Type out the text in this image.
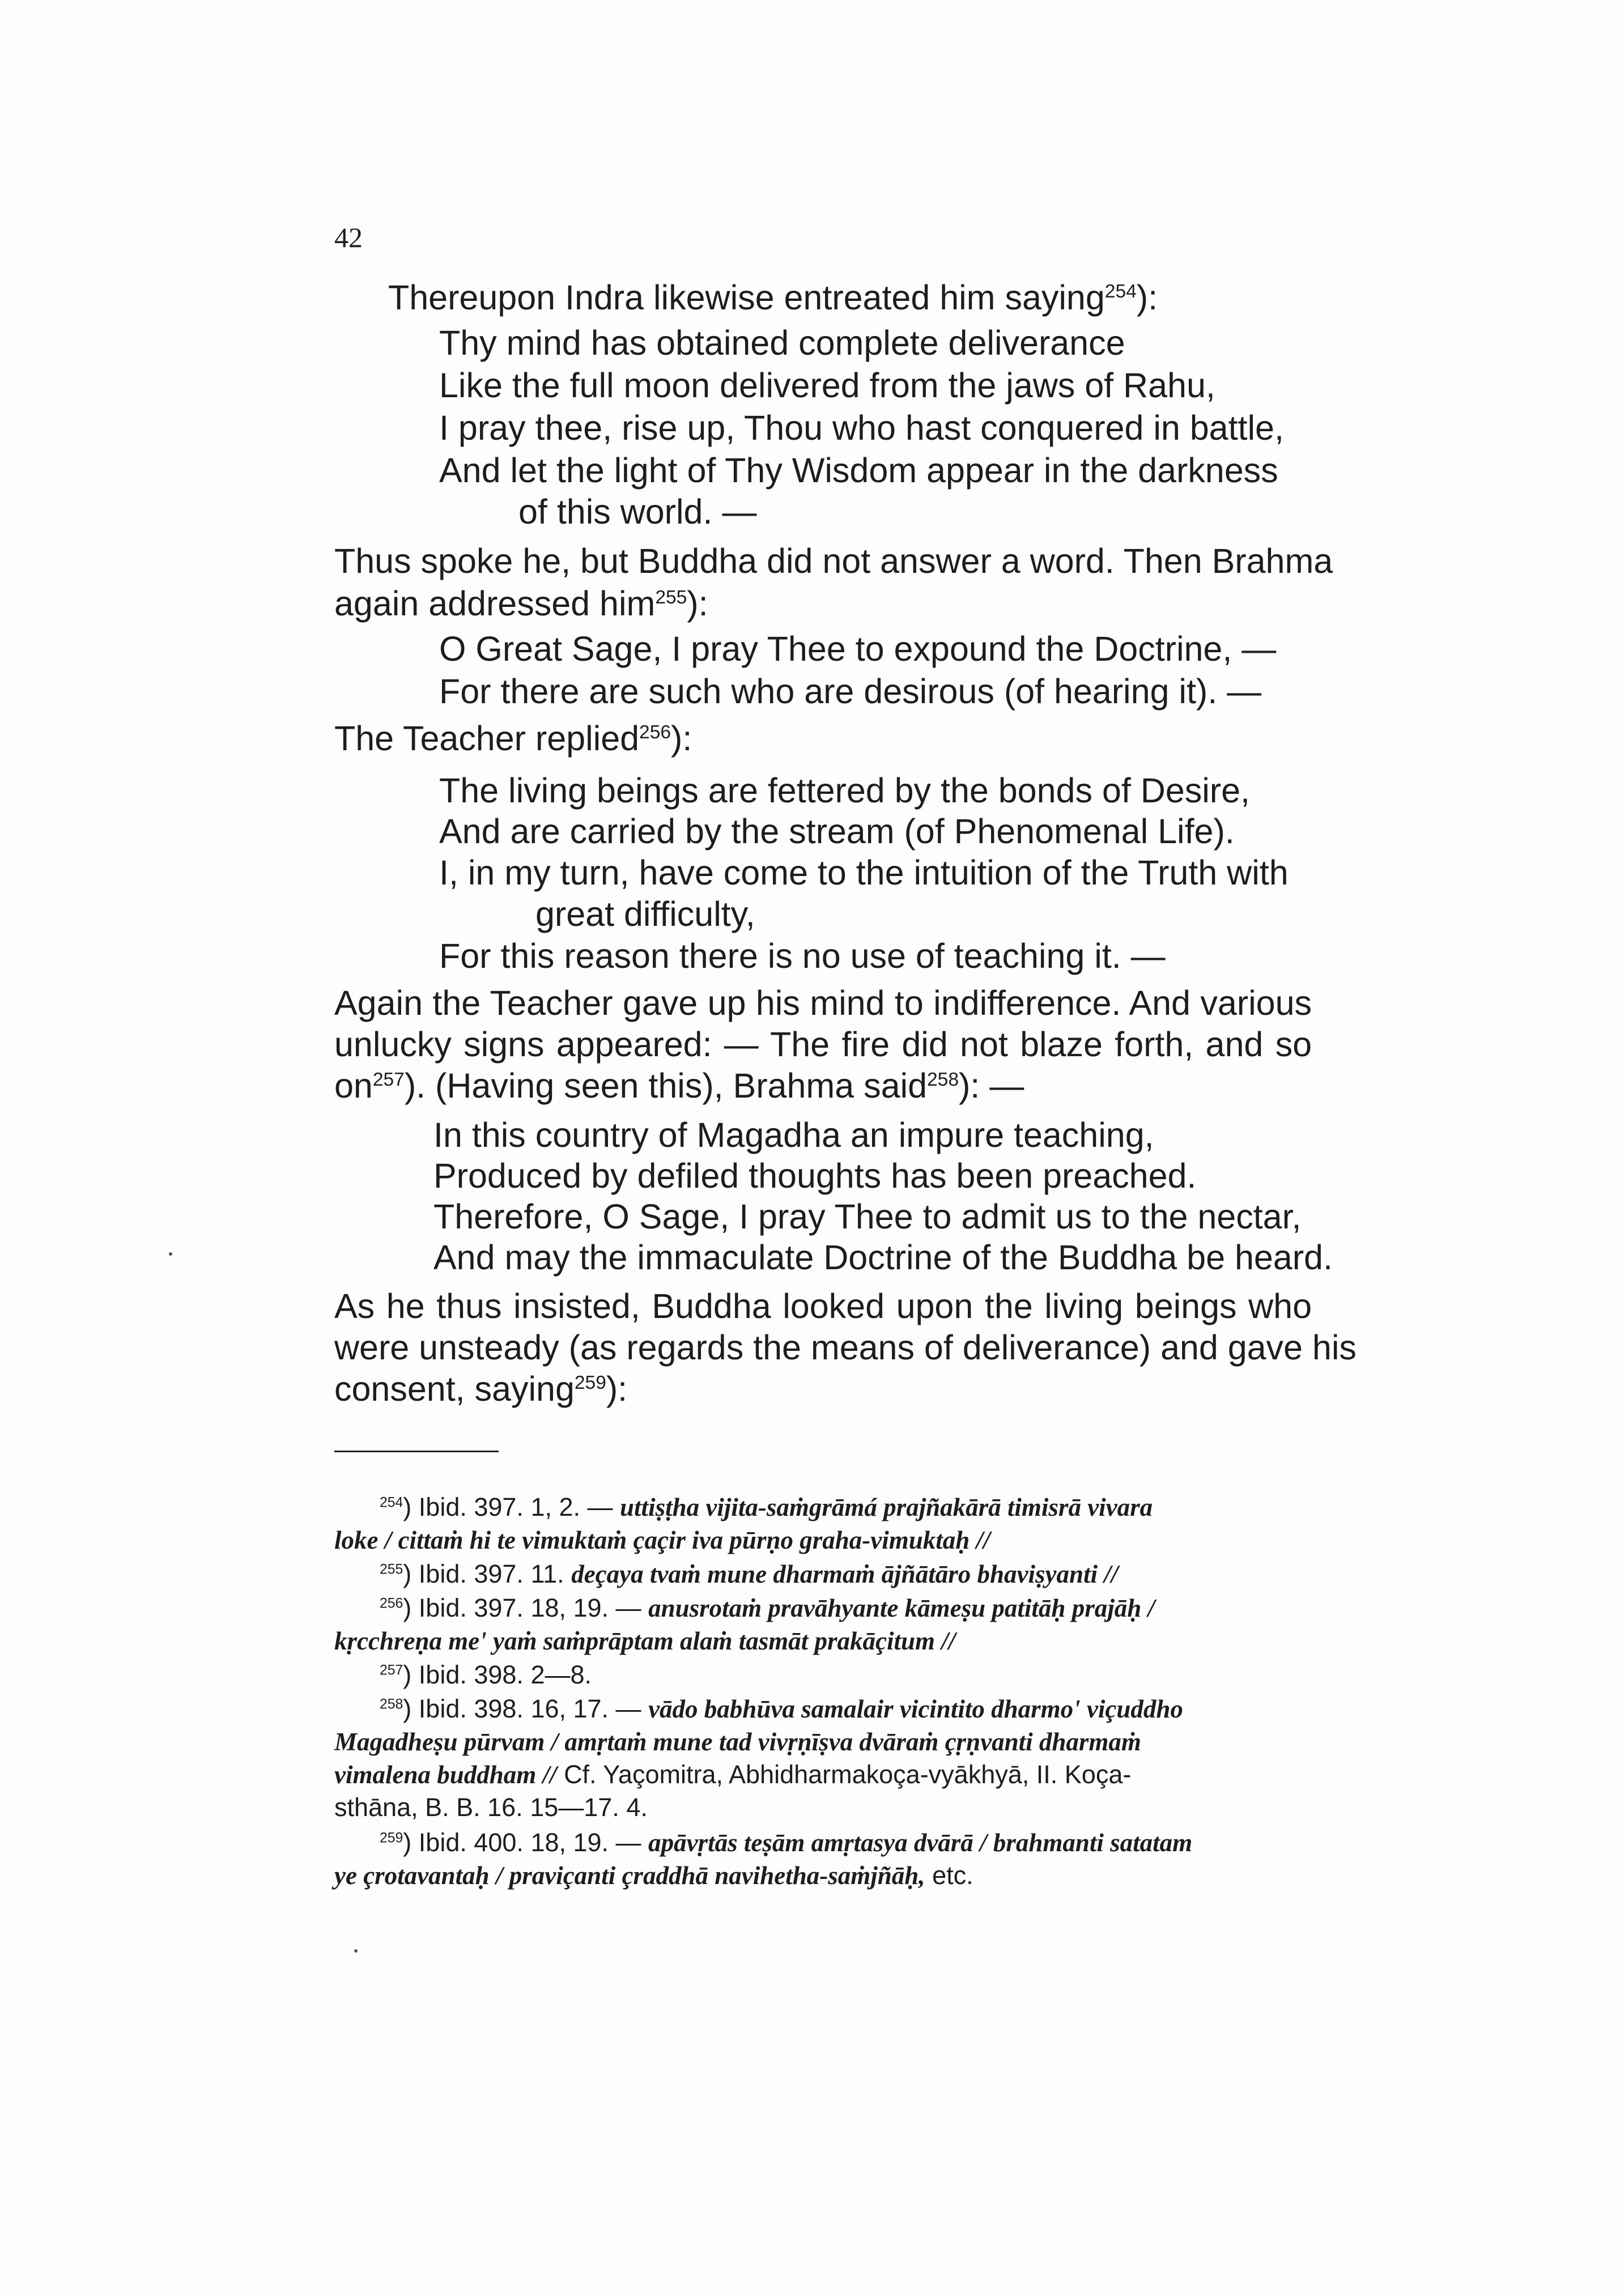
42
Thereupon Indra likewise entreated him saying$^{254}$):
Thy mind has obtained complete deliverance
Like the full moon delivered from the jaws of Rahu,
I pray thee, rise up, Thou who hast conquered in battle,
And let the light of Thy Wisdom appear in the darkness
of this world. —
Thus spoke he, but Buddha did not answer a word. Then Brahma
again addressed him$^{255}$):
O Great Sage, I pray Thee to expound the Doctrine, —
For there are such who are desirous (of hearing it). —
The Teacher replied$^{256}$):
The living beings are fettered by the bonds of Desire,
And are carried by the stream (of Phenomenal Life).
I, in my turn, have come to the intuition of the Truth with
great difficulty,
For this reason there is no use of teaching it. —
Again the Teacher gave up his mind to indifference. And various
unlucky signs appeared: — The fire did not blaze forth, and so
$on^{257}$). (Having seen this), Brahma said$^{258}$): —
In this country of Magadha an impure teaching,
Produced by defiled thoughts has been preached.
Therefore, O Sage, I pray Thee to admit us to the nectar,
And may the immaculate Doctrine of the Buddha be heard.
As he thus insisted, Buddha looked upon the living beings who
were unsteady (as regards the means of deliverance) and gave his
consent, saying$^{259}$):
$^{254}$) Ibid. 397. 1, 2. — uttiṣṭha vijita-saṁgrāmá prajñakārā timisrā vivara
loke / cittaṁ hi te vimuktaṁ çaçir iva pūrṇo graha-vimuktaḥ //
$^{255}$) Ibid. 397. 11. deçaya tvaṁ mune dharmaṁ ājñātāro bhaviṣyanti //
$^{256}$) Ibid. 397. 18, 19. — anusrotaṁ pravāhyante kāmeṣu patitāḥ prajāḥ /
kṛcchreṇa me' yaṁ saṁprāptam alaṁ tasmāt prakāçitum //
$^{257}$) Ibid. 398. 2—8.
$^{258}$) Ibid. 398. 16, 17. — vādo babhūva samalair vicintito dharmo' viçuddho
Magadheṣu pūrvam / amṛtaṁ mune tad vivṛṇīṣva dvāraṁ çṛṇvanti dharmaṁ
vimalena buddham // Cf. Yaçomitra, Abhidharmakoça-vyākhyā, II. Koça-
sthāna, B. B. 16. 15—17. 4.
$^{259}$) Ibid. 400. 18, 19. — apāvṛtās teṣām amṛtasya dvārā / brahmanti satatam
ye çrotavantaḥ / praviçanti çraddhā navihetha-saṁjñāḥ, etc.
